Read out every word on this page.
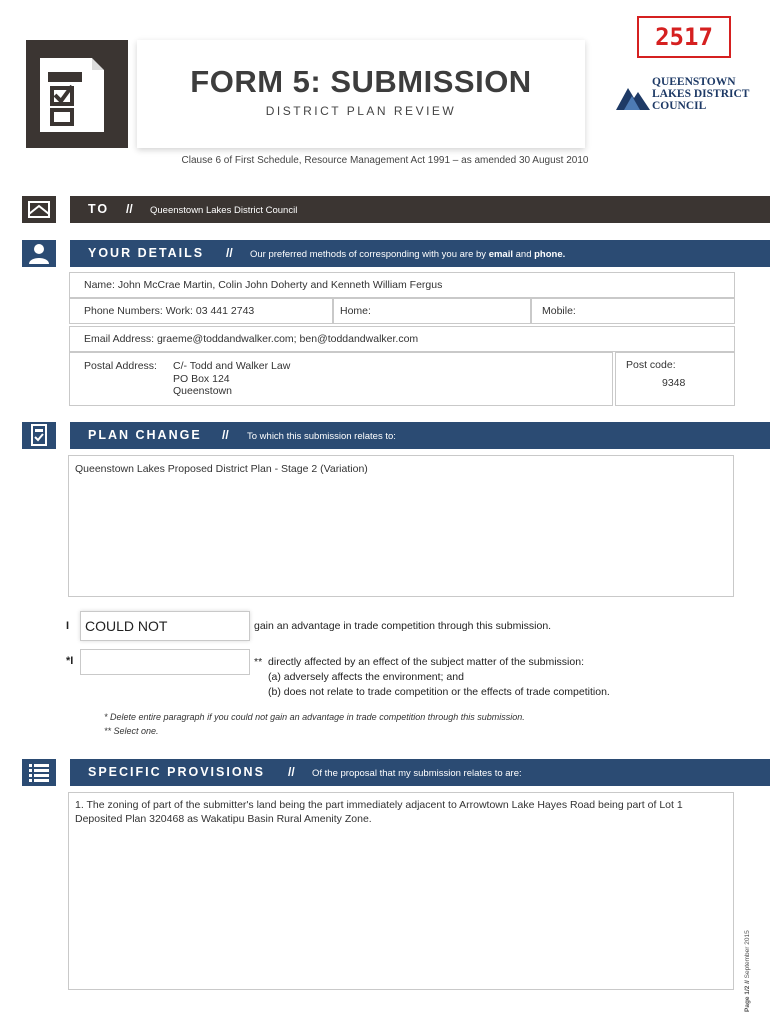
2517
FORM 5: SUBMISSION
DISTRICT PLAN REVIEW
QUEENSTOWN
LAKES DISTRICT
COUNCIL
Clause 6 of First Schedule, Resource Management Act 1991 – as amended 30 August 2010
TO // Queenstown Lakes District Council
YOUR DETAILS // Our preferred methods of corresponding with you are by email and phone.
Name: John McCrae Martin, Colin John Doherty and Kenneth William Fergus
Phone Numbers: Work: 03 441 2743	Home:	Mobile:
Email Address: graeme@toddandwalker.com; ben@toddandwalker.com
Postal Address: C/- Todd and Walker Law
PO Box 124
Queenstown
Post code:
9348
PLAN CHANGE // To which this submission relates to:
Queenstown Lakes Proposed District Plan - Stage 2 (Variation)
I COULD NOT	gain an advantage in trade competition through this submission.
*I	** directly affected by an effect of the subject matter of the submission:
(a) adversely affects the environment; and
(b) does not relate to trade competition or the effects of trade competition.
* Delete entire paragraph if you could not gain an advantage in trade competition through this submission.
** Select one.
SPECIFIC PROVISIONS // Of the proposal that my submission relates to are:
1. The zoning of part of the submitter's land being the part immediately adjacent to Arrowtown Lake Hayes Road being part of Lot 1 Deposited Plan 320468 as Wakatipu Basin Rural Amenity Zone.
Page 1/2 // September 2015
